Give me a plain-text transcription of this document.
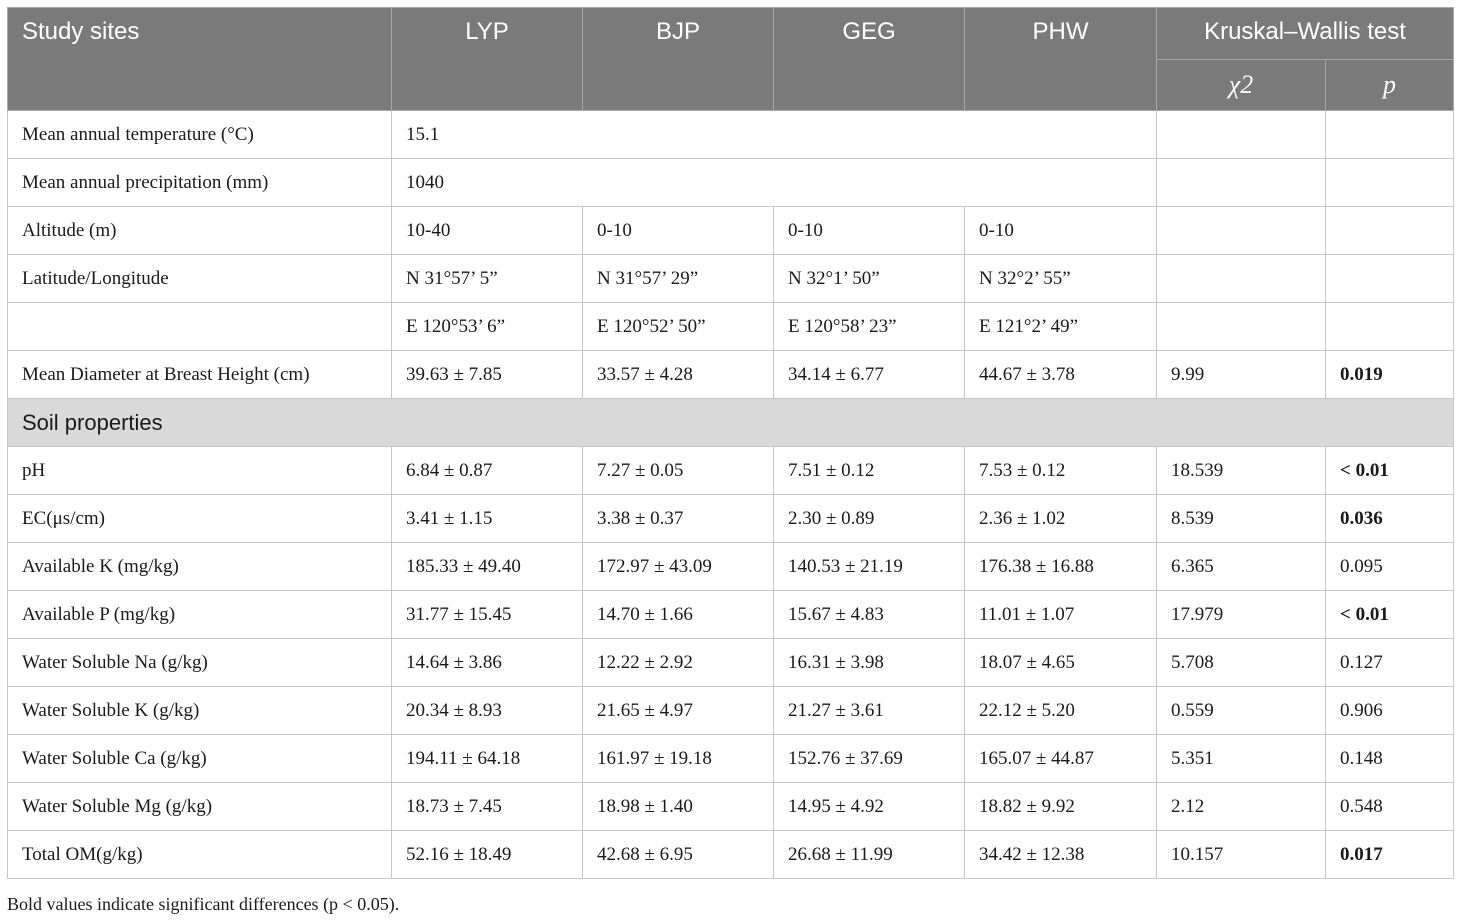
Study sites	LYP	BJP	GEG	PHW	Kruskal–Wallis test	
					χ2	p
Mean annual temperature (°C)	15.1					
Mean annual precipitation (mm)	1040					
Altitude (m)	10-40	0-10	0-10	0-10		
Latitude/Longitude	N 31°57’ 5”	N 31°57’ 29”	N 32°1’ 50”	N 32°2’ 55”		
	E 120°53’ 6”	E 120°52’ 50”	E 120°58’ 23”	E 121°2’ 49”		
Mean Diameter at Breast Height (cm)	39.63 ± 7.85	33.57 ± 4.28	34.14 ± 6.77	44.67 ± 3.78	9.99	0.019
Soil properties						
pH	6.84 ± 0.87	7.27 ± 0.05	7.51 ± 0.12	7.53 ± 0.12	18.539	< 0.01
EC(μs/cm)	3.41 ± 1.15	3.38 ± 0.37	2.30 ± 0.89	2.36 ± 1.02	8.539	0.036
Available K (mg/kg)	185.33 ± 49.40	172.97 ± 43.09	140.53 ± 21.19	176.38 ± 16.88	6.365	0.095
Available P (mg/kg)	31.77 ± 15.45	14.70 ± 1.66	15.67 ± 4.83	11.01 ± 1.07	17.979	< 0.01
Water Soluble Na (g/kg)	14.64 ± 3.86	12.22 ± 2.92	16.31 ± 3.98	18.07 ± 4.65	5.708	0.127
Water Soluble K (g/kg)	20.34 ± 8.93	21.65 ± 4.97	21.27 ± 3.61	22.12 ± 5.20	0.559	0.906
Water Soluble Ca (g/kg)	194.11 ± 64.18	161.97 ± 19.18	152.76 ± 37.69	165.07 ± 44.87	5.351	0.148
Water Soluble Mg (g/kg)	18.73 ± 7.45	18.98 ± 1.40	14.95 ± 4.92	18.82 ± 9.92	2.12	0.548
Total OM(g/kg)	52.16 ± 18.49	42.68 ± 6.95	26.68 ± 11.99	34.42 ± 12.38	10.157	0.017
Bold values indicate significant differences (p < 0.05).
